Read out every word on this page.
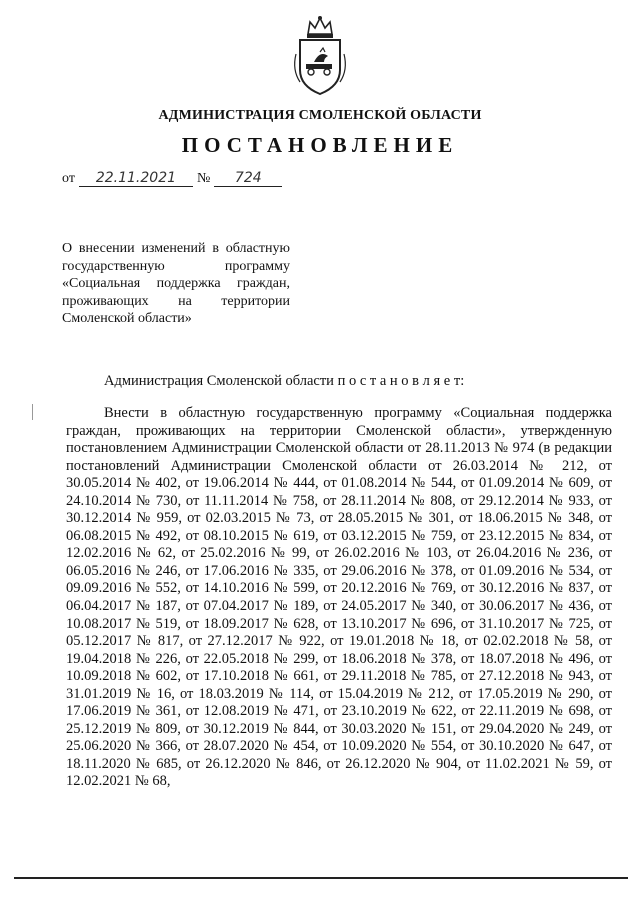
АДМИНИСТРАЦИЯ СМОЛЕНСКОЙ ОБЛАСТИ
ПОСТАНОВЛЕНИЕ
от	22.11.2021	№	724
О внесении изменений в областную государственную программу «Социальная поддержка граждан, проживающих на территории Смоленской области»
Администрация Смоленской области п о с т а н о в л я е т:
Внести в областную государственную программу «Социальная поддержка граждан, проживающих на территории Смоленской области», утвержденную постановлением Администрации Смоленской области от 28.11.2013 № 974 (в редакции постановлений Администрации Смоленской области от 26.03.2014 № 212, от 30.05.2014 № 402, от 19.06.2014 № 444, от 01.08.2014 № 544, от 01.09.2014 № 609, от 24.10.2014 № 730, от 11.11.2014 № 758, от 28.11.2014 № 808, от 29.12.2014 № 933, от 30.12.2014 № 959, от 02.03.2015 № 73, от 28.05.2015 № 301, от 18.06.2015 № 348, от 06.08.2015 № 492, от 08.10.2015 № 619, от 03.12.2015 № 759, от 23.12.2015 № 834, от 12.02.2016 № 62, от 25.02.2016 № 99, от 26.02.2016 № 103, от 26.04.2016 № 236, от 06.05.2016 № 246, от 17.06.2016 № 335, от 29.06.2016 № 378, от 01.09.2016 № 534, от 09.09.2016 № 552, от 14.10.2016 № 599, от 20.12.2016 № 769, от 30.12.2016 № 837, от 06.04.2017 № 187, от 07.04.2017 № 189, от 24.05.2017 № 340, от 30.06.2017 № 436, от 10.08.2017 № 519, от 18.09.2017 № 628, от 13.10.2017 № 696, от 31.10.2017 № 725, от 05.12.2017 № 817, от 27.12.2017 № 922, от 19.01.2018 № 18, от 02.02.2018 № 58, от 19.04.2018 № 226, от 22.05.2018 № 299, от 18.06.2018 № 378, от 18.07.2018 № 496, от 10.09.2018 № 602, от 17.10.2018 № 661, от 29.11.2018 № 785, от 27.12.2018 № 943, от 31.01.2019 № 16, от 18.03.2019 № 114, от 15.04.2019 № 212, от 17.05.2019 № 290, от 17.06.2019 № 361, от 12.08.2019 № 471, от 23.10.2019 № 622, от 22.11.2019 № 698, от 25.12.2019 № 809, от 30.12.2019 № 844, от 30.03.2020 № 151, от 29.04.2020 № 249, от 25.06.2020 № 366, от 28.07.2020 № 454, от 10.09.2020 № 554, от 30.10.2020 № 647, от 18.11.2020 № 685, от 26.12.2020 № 846, от 26.12.2020 № 904, от 11.02.2021 № 59, от 12.02.2021 № 68,
